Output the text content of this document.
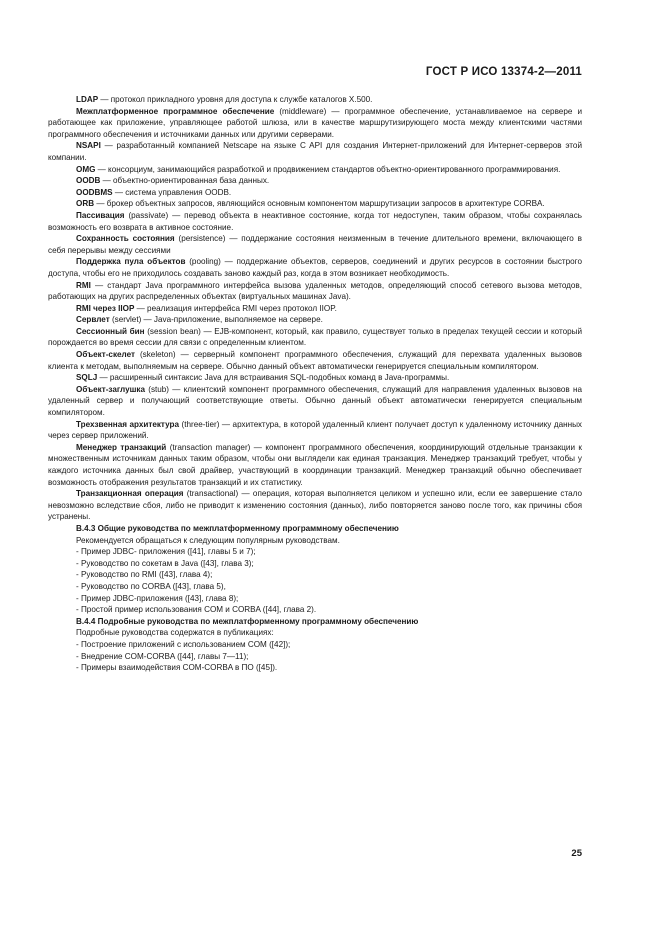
ГОСТ Р ИСО 13374-2—2011

LDAP — протокол прикладного уровня для доступа к службе каталогов X.500.

Межплатформенное программное обеспечение (middleware) — программное обеспечение, устанавливаемое на сервере и работающее как приложение, управляющее работой шлюза, или в качестве маршрутизирующего моста между клиентскими частями программного обеспечения и источниками данных или другими серверами.

NSAPI — разработанный компанией Netscape на языке C API для создания Интернет-приложений для Интернет-серверов этой компании.

OMG — консорциум, занимающийся разработкой и продвижением стандартов объектно-ориентированного программирования.

OODB — объектно-ориентированная база данных.

OODBMS — система управления OODB.

ORB — брокер объектных запросов, являющийся основным компонентом маршрутизации запросов в архитектуре CORBA.

Пассивация (passivate) — перевод объекта в неактивное состояние, когда тот недоступен, таким образом, чтобы сохранялась возможность его возврата в активное состояние.

Сохранность состояния (persistence) — поддержание состояния неизменным в течение длительного времени, включающего в себя перерывы между сессиями

Поддержка пула объектов (pooling) — поддержание объектов, серверов, соединений и других ресурсов в состоянии быстрого доступа, чтобы его не приходилось создавать заново каждый раз, когда в этом возникает необходимость.

RMI — стандарт Java программного интерфейса вызова удаленных методов, определяющий способ сетевого вызова методов, работающих на других распределенных объектах (виртуальных машинах Java).

RMI через IIOP — реализация интерфейса RMI через протокол IIOP.

Сервлет (servlet) — Java-приложение, выполняемое на сервере.

Сессионный бин (session bean) — EJB-компонент, который, как правило, существует только в пределах текущей сессии и который порождается во время сессии для связи с определенным клиентом.

Объект-скелет (skeleton) — серверный компонент программного обеспечения, служащий для перехвата удаленных вызовов клиента к методам, выполняемым на сервере. Обычно данный объект автоматически генерируется специальным компилятором.

SQLJ — расширенный синтаксис Java для встраивания SQL-подобных команд в Java-программы.

Объект-заглушка (stub) — клиентский компонент программного обеспечения, служащий для направления удаленных вызовов на удаленный сервер и получающий соответствующие ответы. Обычно данный объект автоматически генерируется специальным компилятором.

Трехзвенная архитектура (three-tier) — архитектура, в которой удаленный клиент получает доступ к удаленному источнику данных через сервер приложений.

Менеджер транзакций (transaction manager) — компонент программного обеспечения, координирующий отдельные транзакции к множественным источникам данных таким образом, чтобы они выглядели как единая транзакция. Менеджер транзакций требует, чтобы у каждого источника данных был свой драйвер, участвующий в координации транзакций. Менеджер транзакций обычно обеспечивает возможность отображения результатов транзакций и их статистику.

Транзакционная операция (transactional) — операция, которая выполняется целиком и успешно или, если ее завершение стало невозможно вследствие сбоя, либо не приводит к изменению состояния (данных), либо повторяется заново после того, как причины сбоя устранены.

В.4.3 Общие руководства по межплатформенному программному обеспечению

Рекомендуется обращаться к следующим популярным руководствам.

- Пример JDBC- приложения ([41], главы 5 и 7);

- Руководство по сокетам в Java ([43], глава 3);

- Руководство по RMI ([43], глава 4);

- Руководство по CORBA ([43], глава 5),

- Пример JDBC-приложения ([43], глава 8);

- Простой пример использования COM и CORBA ([44], глава 2).

В.4.4 Подробные руководства по межплатформенному программному обеспечению

Подробные руководства содержатся в публикациях:

- Построение приложений с использованием COM ([42]);

- Внедрение COM-CORBA ([44], главы 7—11);

- Примеры взаимодействия COM-CORBA в ПО ([45]).

25
